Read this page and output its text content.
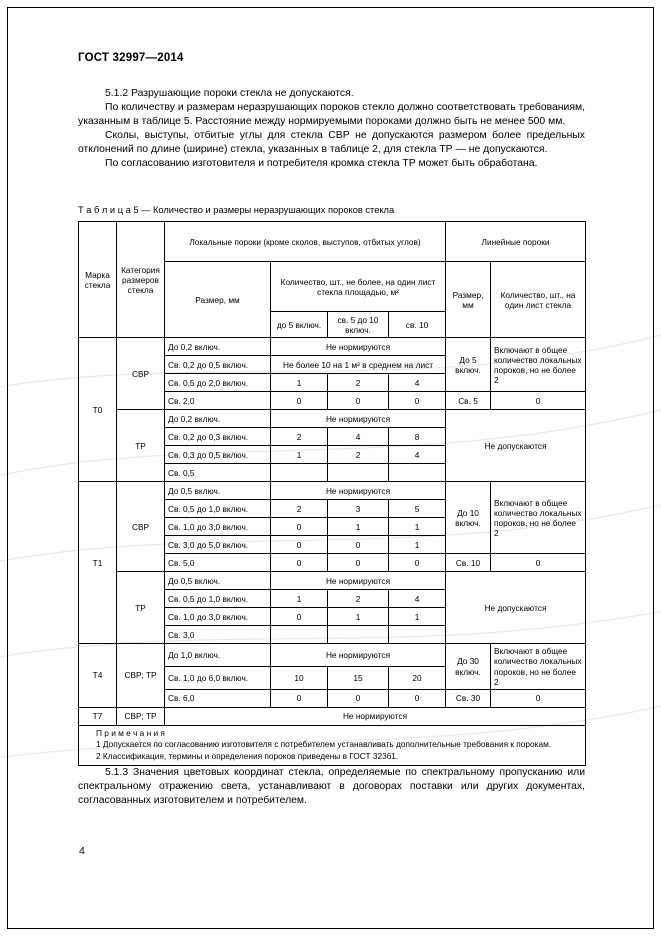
ГОСТ 32997—2014

5.1.2 Разрушающие пороки стекла не допускаются.

По количеству и размерам неразрушающих пороков стекло должно соответствовать требованиям, указанным в таблице 5. Расстояние между нормируемыми пороками должно быть не менее 500 мм.

Сколы, выступы, отбитые углы для стекла СВР не допускаются размером более предельных отклонений по длине (ширине) стекла, указанных в таблице 2, для стекла ТР — не допускаются.

По согласованию изготовителя и потребителя кромка стекла ТР может быть обработана.

Т а б л и ц а 5 — Количество и размеры неразрушающих пороков стекла
Марка стекла	Категория размеров стекла	Локальные пороки (кроме сколов, выступов, отбитых углов)				Линейные пороки	
		Размер, мм	Количество, шт., не более, на один лист стекла площадью, м²			Размер, мм	Количество, шт., на один лист стекла
			до 5 включ.	св. 5 до 10 включ.	св. 10		
Т0	СВР	До 0,2 включ.	Не нормируются			До 5 включ.	Включают в общее количество локальных пороков, но не более 2
		Св. 0,2 до 0,5 включ.	Не более 10 на 1 м² в среднем на лист				
		Св. 0,5 до 2,0 включ.	1	2	4		
		Св. 2,0	0	0	0	Св. 5	0
	ТР	До 0,2 включ.	Не нормируются			Не допускаются	
		Св. 0,2 до 0,3 включ.	2	4	8		
		Св. 0,3 до 0,5 включ.	1	2	4		
		Св. 0,5					
Т1	СВР	До 0,5 включ.	Не нормируются			До 10 включ.	Включают в общее количество локальных пороков, но не более 2
		Св. 0,5 до 1,0 включ.	2	3	5		
		Св. 1,0 до 3,0 включ.	0	1	1		
		Св. 3,0 до 5,0 включ.	0	0	1		
		Св. 5,0	0	0	0	Св. 10	0
	ТР	До 0,5 включ.	Не нормируются			Не допускаются	
		Св. 0,5 до 1,0 включ.	1	2	4		
		Св. 1,0 до 3,0 включ.	0	1	1		
		Св. 3,0					
Т4	СВР; ТР	До 1,0 включ.	Не нормируются			До 30 включ.	Включают в общее количество локальных пороков, но не более 2
		Св. 1,0 до 6,0 включ.	10	15	20		
		Св. 6,0	0	0	0	Св. 30	0
Т7	СВР; ТР	Не нормируются					

П р и м е ч а н и я
1 Допускается по согласованию изготовителя с потребителем устанавливать дополнительные требования к порокам.
2 Классификация, термины и определения пороков приведены в ГОСТ 32361.							

5.1.3 Значения цветовых координат стекла, определяемые по спектральному пропусканию или спектральному отражению света, устанавливают в договорах поставки или других документах, согласованных изготовителем и потребителем.

4
